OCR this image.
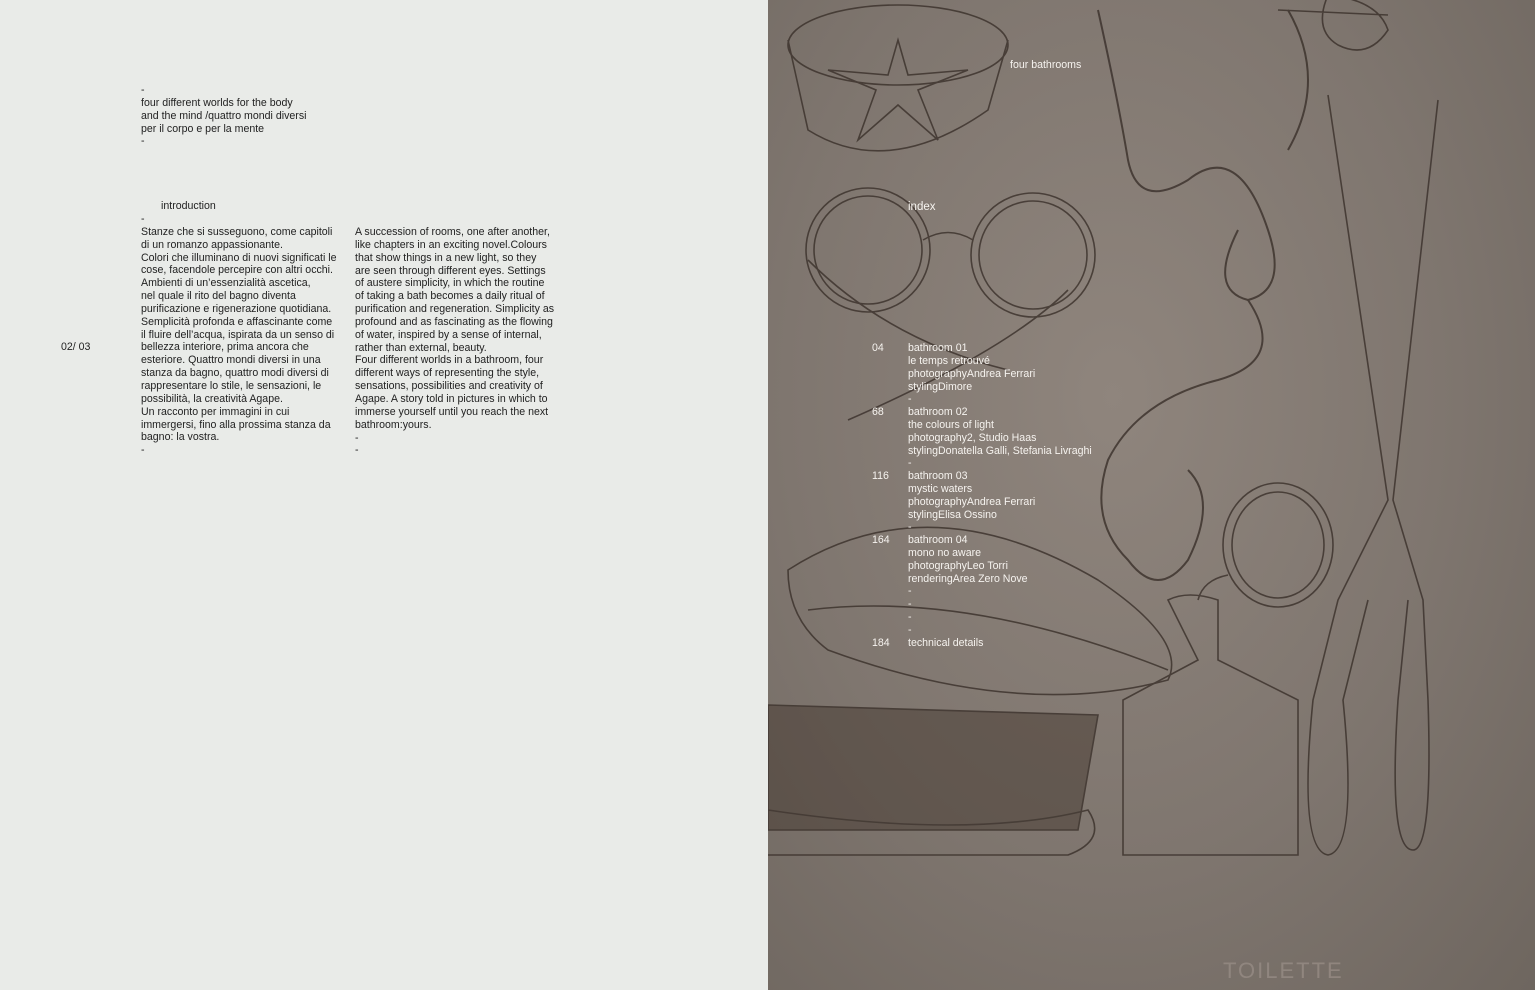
-
four different worlds for the body
and the mind /quattro mondi diversi
per il corpo e per la mente
-
introduction
02/ 03
-
Stanze che si susseguono, come capitoli
di un romanzo appassionante.
Colori che illuminano di nuovi significati le
cose, facendole percepire con altri occhi.
Ambienti di un’essenzialità ascetica,
nel quale il rito del bagno diventa
purificazione e rigenerazione quotidiana.
Semplicità profonda e affascinante come
il fluire dell’acqua, ispirata da un senso di
bellezza interiore, prima ancora che
esteriore. Quattro mondi diversi in una
stanza da bagno, quattro modi diversi di
rappresentare lo stile, le sensazioni, le
possibilità, la creatività Agape.
Un racconto per immagini in cui
immergersi, fino alla prossima stanza da
bagno: la vostra.
-
A succession of rooms, one after another,
like chapters in an exciting novel.Colours
that show things in a new light, so they
are seen through different eyes. Settings
of austere simplicity, in which the routine
of taking a bath becomes a daily ritual of
purification and regeneration. Simplicity as
profound and as fascinating as the flowing
of water, inspired by a sense of internal,
rather than external, beauty.
Four different worlds in a bathroom, four
different ways of representing the style,
sensations, possibilities and creativity of
Agape. A story told in pictures in which to
immerse yourself until you reach the next
bathroom:yours.
-
-
TOILETTE
four bathrooms
index
04	bathroom 01
le temps retrouvé
photographyAndrea Ferrari
stylingDimore
-
68	bathroom 02
the colours of light
photography2, Studio Haas
stylingDonatella Galli, Stefania Livraghi
-
116 bathroom 03
mystic waters
photographyAndrea Ferrari
stylingElisa Ossino
-
164 bathroom 04
mono no aware
photographyLeo Torri
renderingArea Zero Nove
-
-
-
-
184 technical details
